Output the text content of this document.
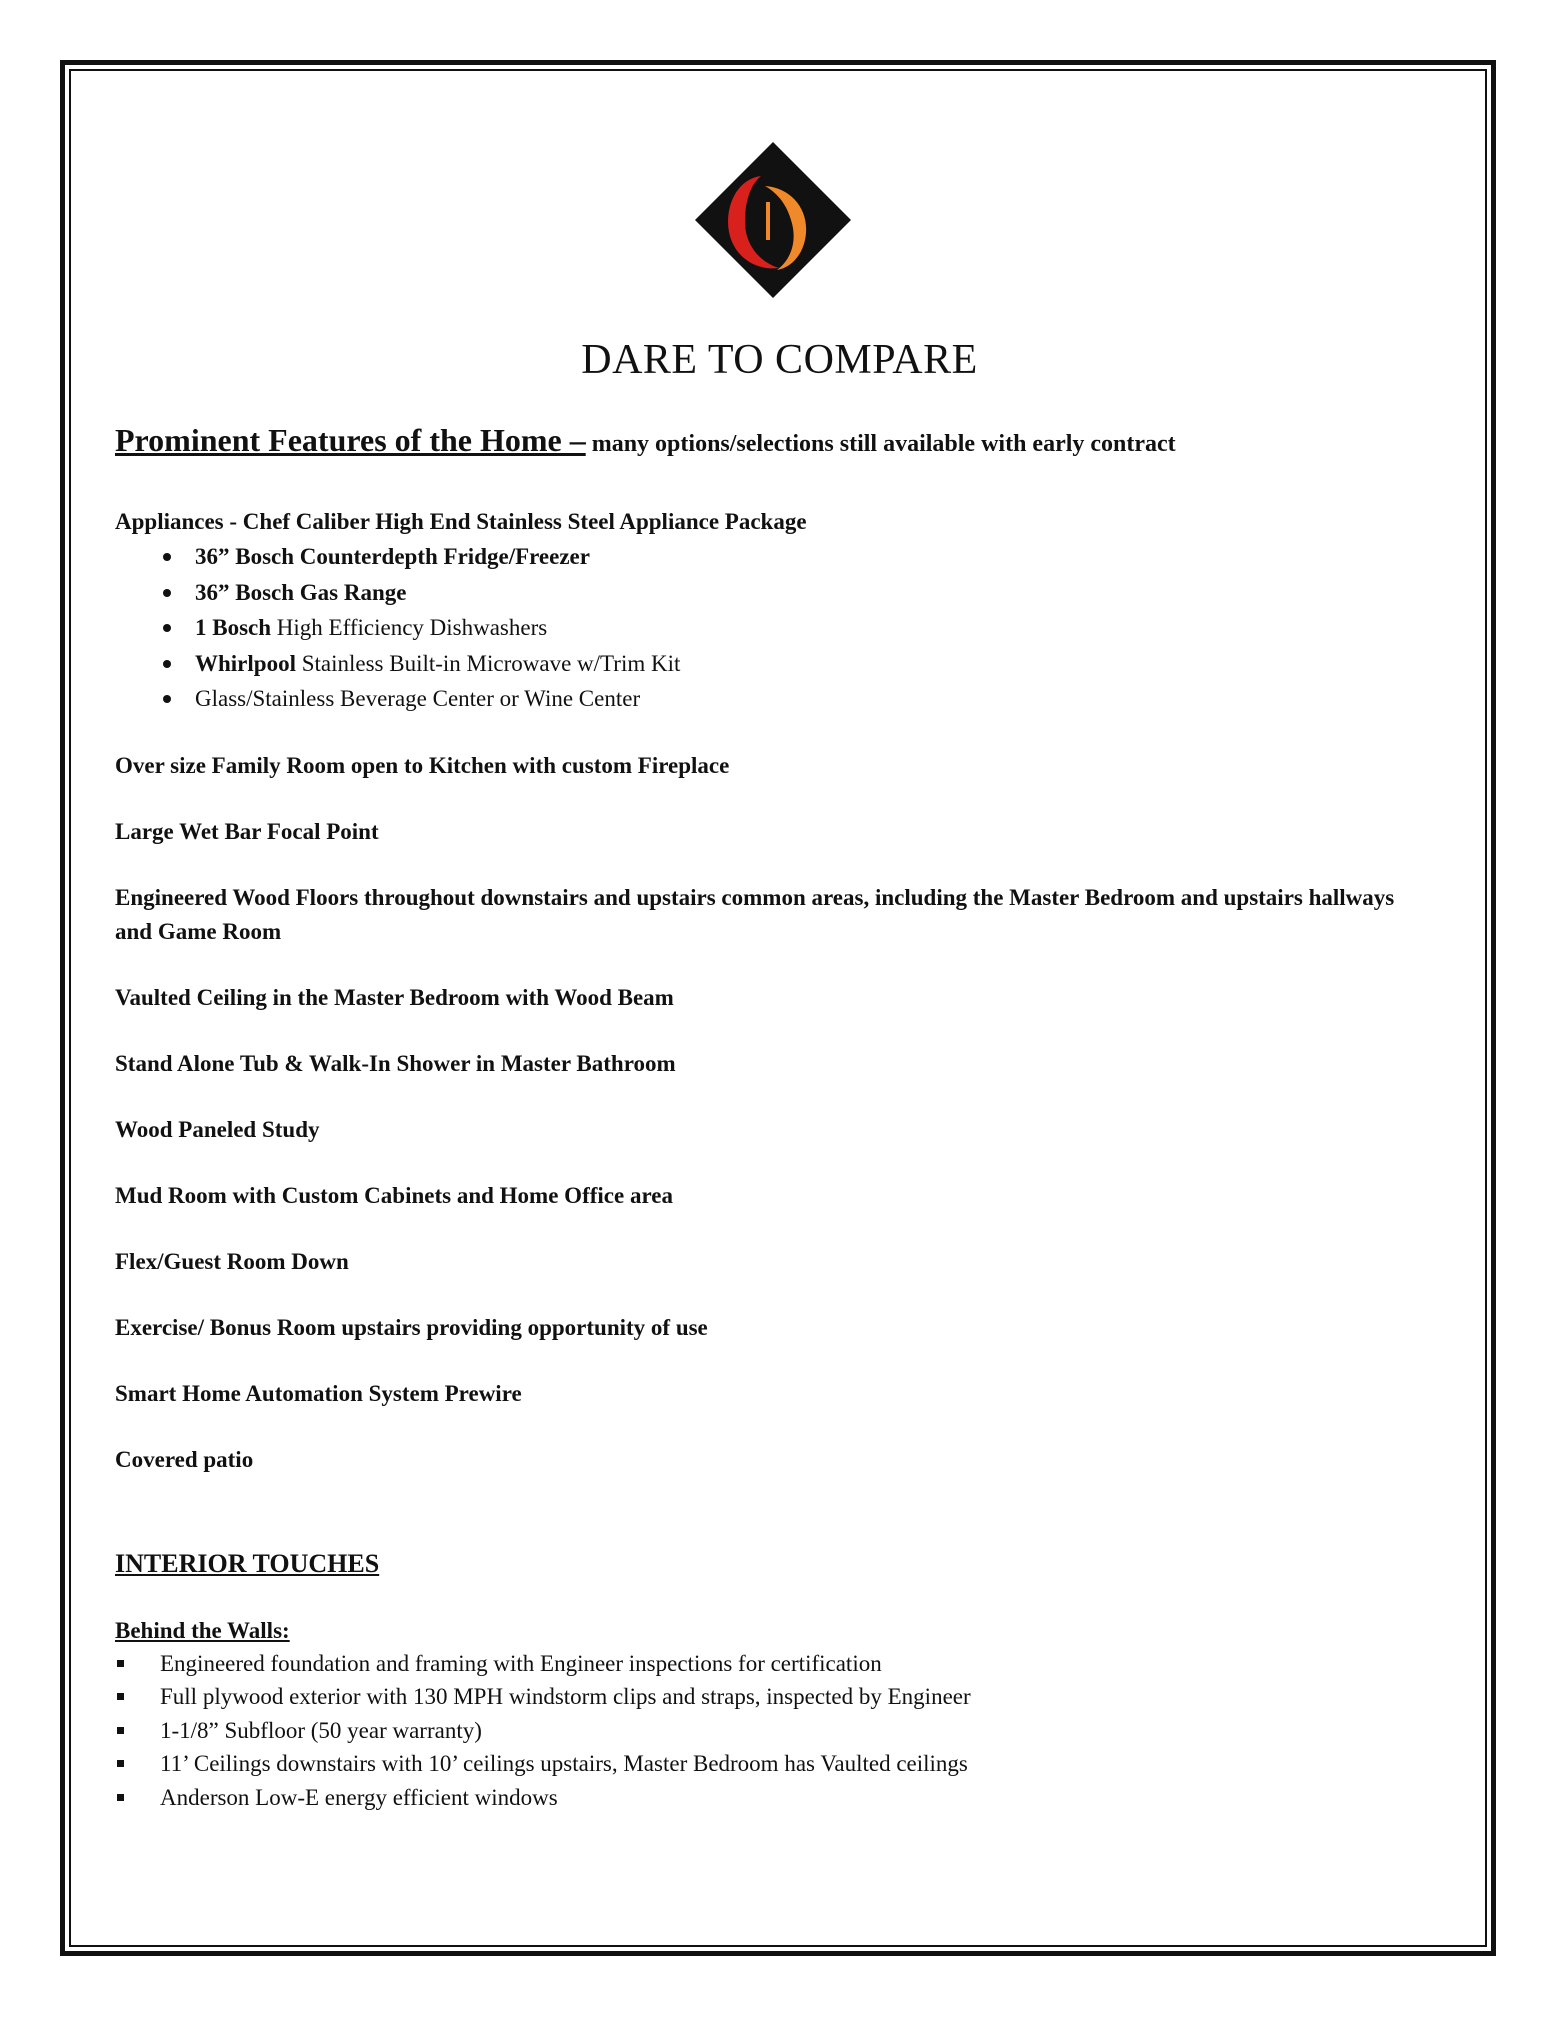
DARE TO COMPARE
Prominent Features of the Home – many options/selections still available with early contract
Appliances - Chef Caliber High End Stainless Steel Appliance Package
36” Bosch Counterdepth Fridge/Freezer
36” Bosch Gas Range
1 Bosch High Efficiency Dishwashers
Whirlpool Stainless Built-in Microwave w/Trim Kit
Glass/Stainless Beverage Center or Wine Center
Over size Family Room open to Kitchen with custom Fireplace
Large Wet Bar Focal Point
Engineered Wood Floors throughout downstairs and upstairs common areas, including the Master Bedroom and upstairs hallways and Game Room
Vaulted Ceiling in the Master Bedroom with Wood Beam
Stand Alone Tub & Walk-In Shower in Master Bathroom
Wood Paneled Study
Mud Room with Custom Cabinets and Home Office area
Flex/Guest Room Down
Exercise/ Bonus Room upstairs providing opportunity of use
Smart Home Automation System Prewire
Covered patio
INTERIOR TOUCHES
Behind the Walls:
Engineered foundation and framing with Engineer inspections for certification
Full plywood exterior with 130 MPH windstorm clips and straps, inspected by Engineer
1-1/8” Subfloor (50 year warranty)
11’ Ceilings downstairs with 10’ ceilings upstairs, Master Bedroom has Vaulted ceilings
Anderson Low-E energy efficient windows
